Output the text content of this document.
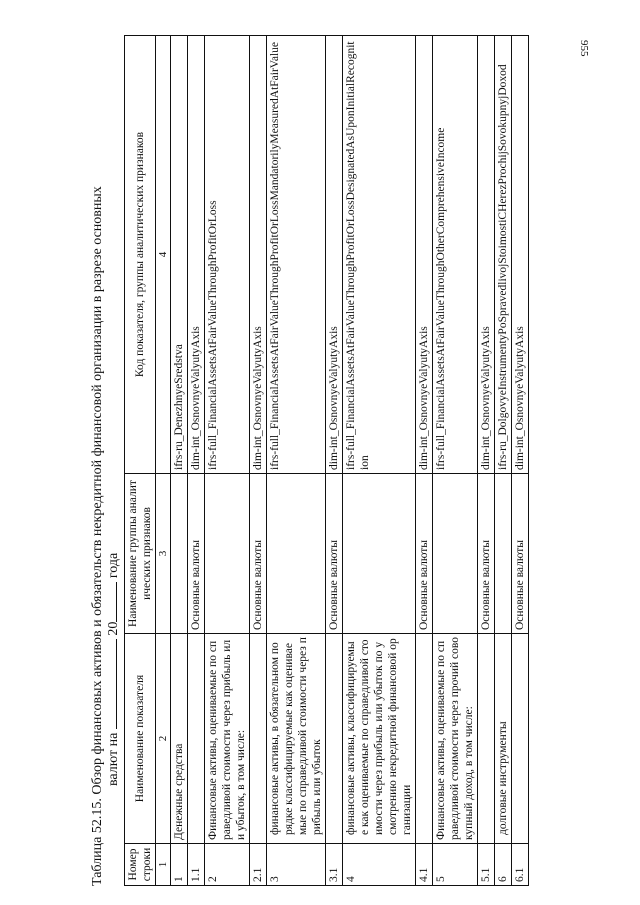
955
Таблица 52.15. Обзор финансовых активов и обязательств некредитной финансовой организации в разрезе основных валют на  20 года
Номер строки	Наименование показателя	Наименование группы аналитических признаков	Код показателя, группы аналитических признаков
1	2	3	4
1	Денежные средства		ifrs-ru_DenezhnyeSredstva
1.1		Основные валюты	dim-int_OsnovnyeValyutyAxis
2	Финансовые активы, оцениваемые по справедливой стоимости через прибыль или убыток, в том числе:		ifrs-full_FinancialAssetsAtFairValueThroughProfitOrLoss
2.1		Основные валюты	dim-int_OsnovnyeValyutyAxis
3	финансовые активы, в обязательном порядке классифицируемые как оцениваемые по справедливой стоимости через прибыль или убыток		ifrs-full_FinancialAssetsAtFairValueThroughProfitOrLossMandatorilyMeasuredAtFairValue
3.1		Основные валюты	dim-int_OsnovnyeValyutyAxis
4	финансовые активы, классифицируемые как оцениваемые по справедливой стоимости через прибыль или убыток по усмотрению некредитной финансовой организации		ifrs-full_FinancialAssetsAtFairValueThroughProfitOrLossDesignatedAsUponInitialRecognition
4.1		Основные валюты	dim-int_OsnovnyeValyutyAxis
5	Финансовые активы, оцениваемые по справедливой стоимости через прочий совокупный доход, в том числе:		ifrs-full_FinancialAssetsAtFairValueThroughOtherComprehensiveIncome
5.1		Основные валюты	dim-int_OsnovnyeValyutyAxis
6	долговые инструменты		ifrs-ru_DolgovyeInstrumentyPoSpravedlivojStoimostiCHerezProchijSovokupnyjDoxod
6.1		Основные валюты	dim-int_OsnovnyeValyutyAxis
